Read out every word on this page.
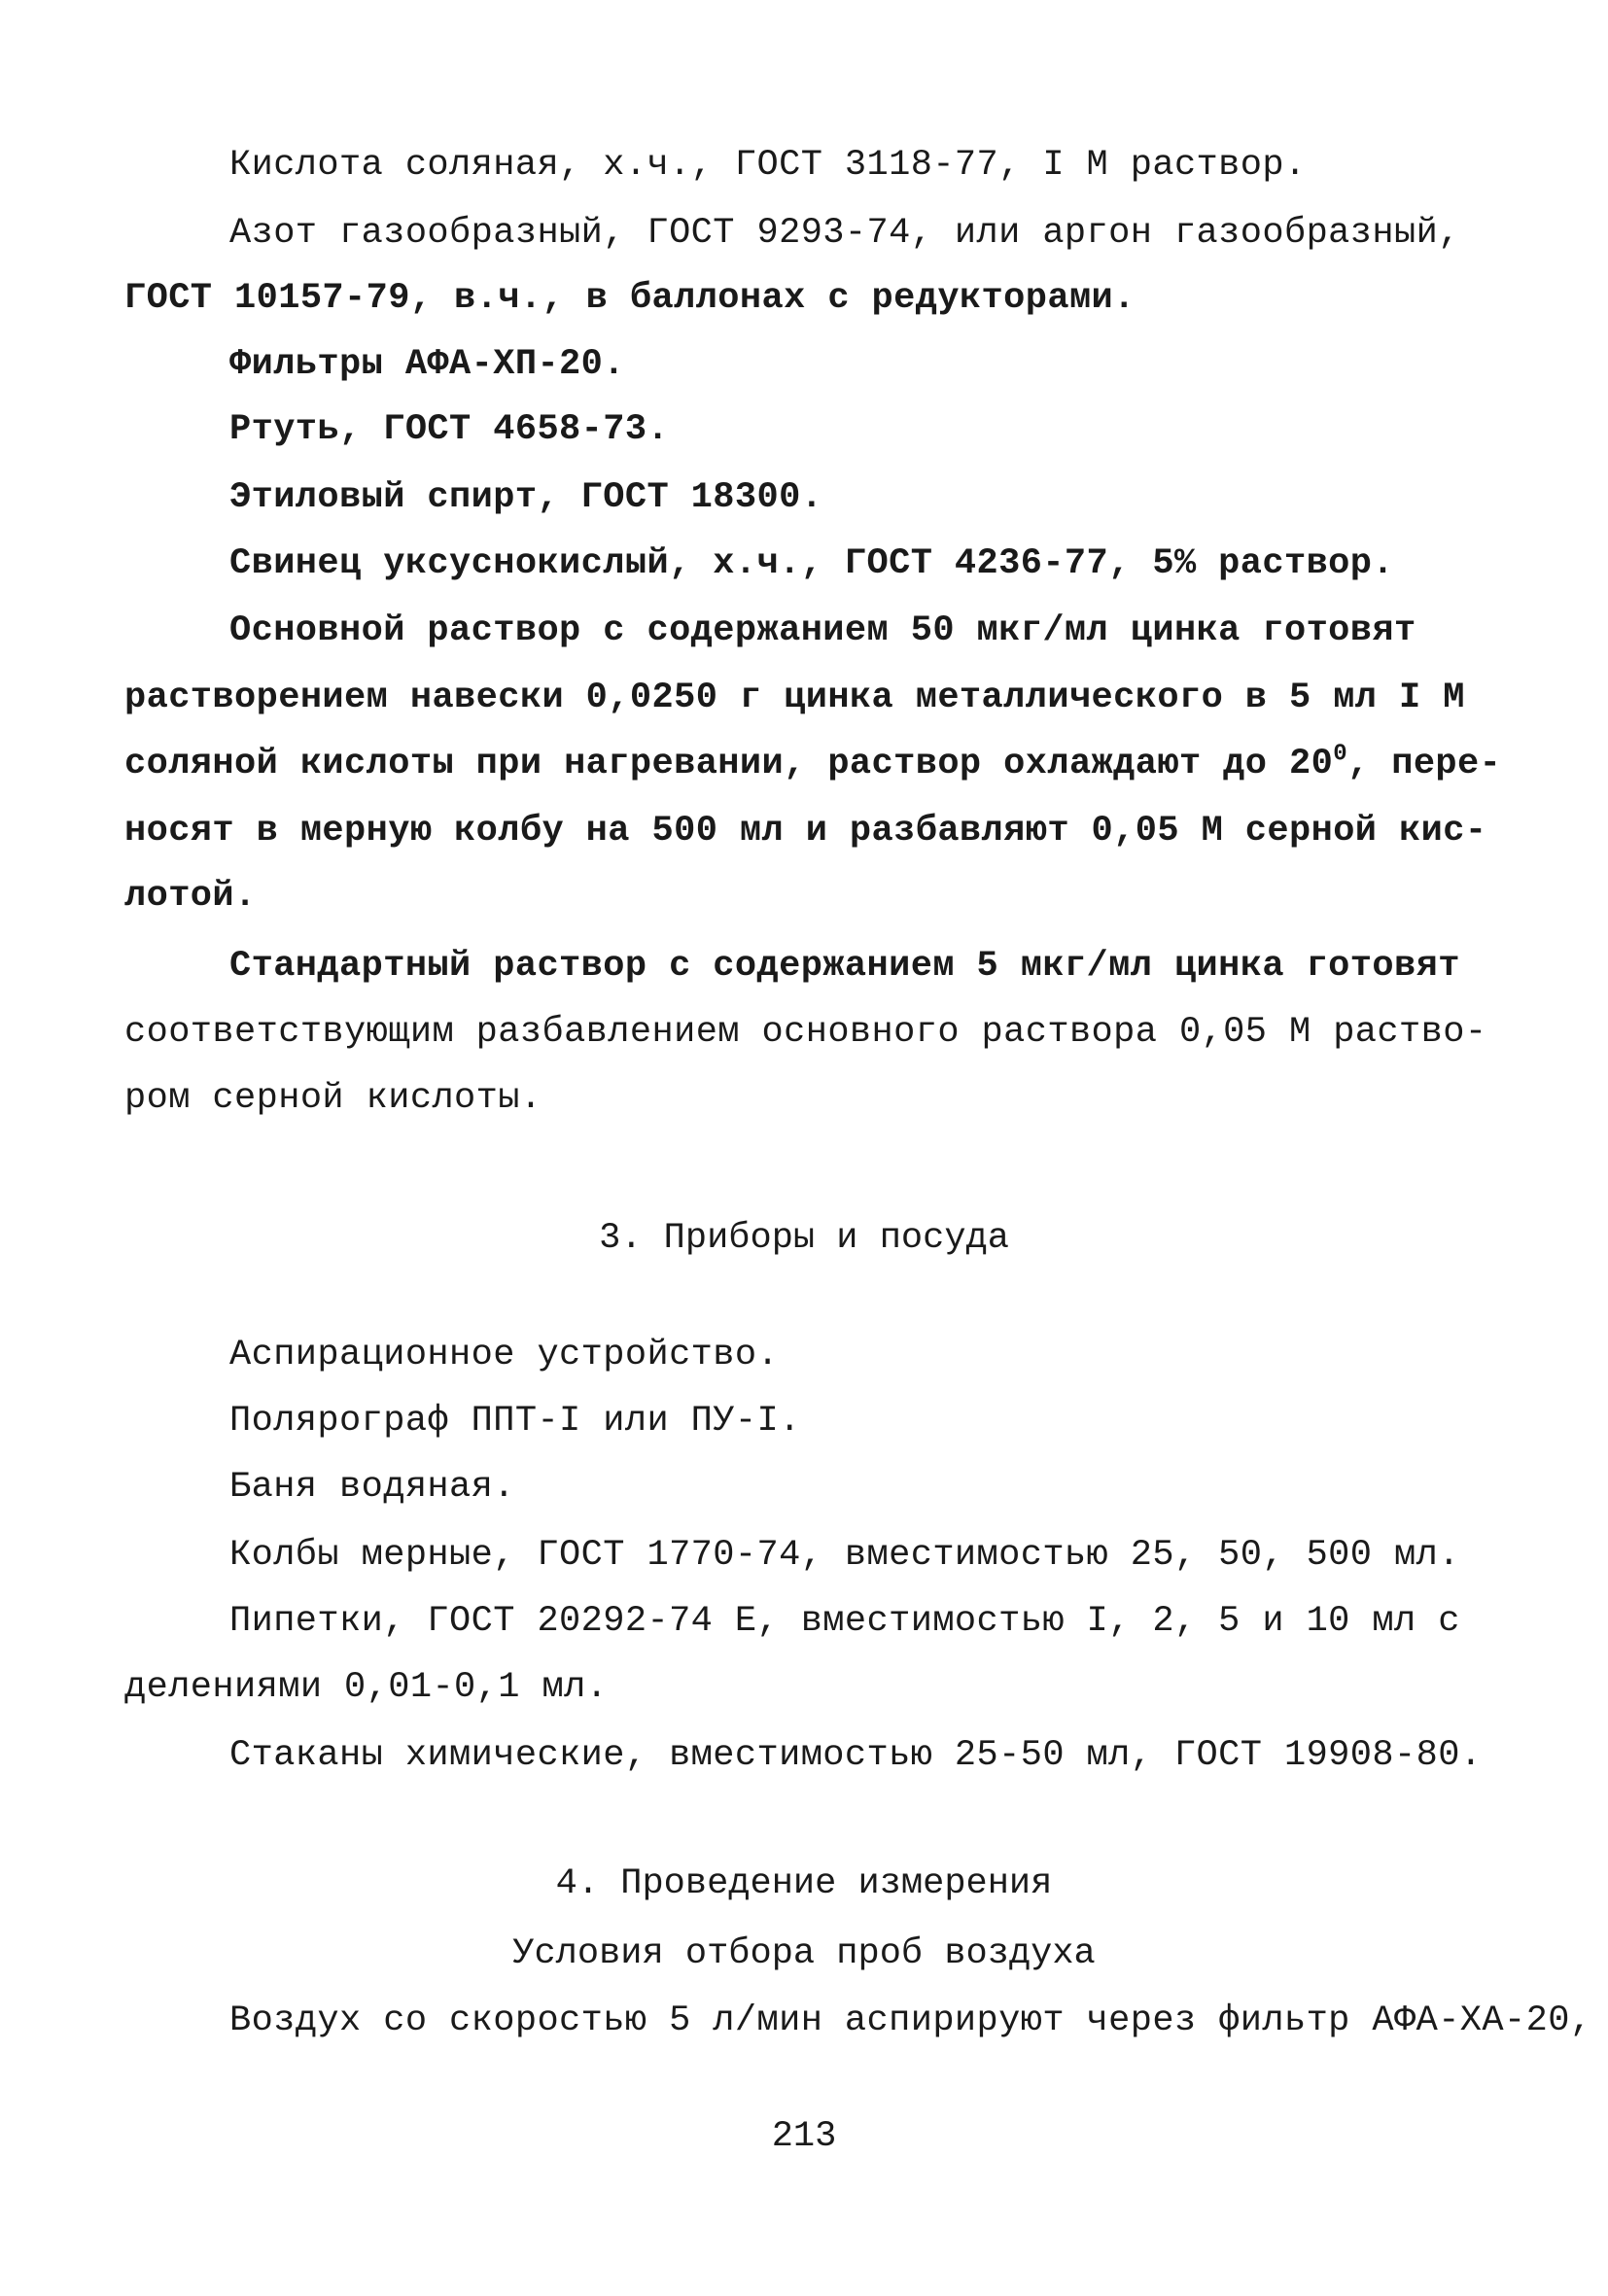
Кислота соляная, х.ч., ГОСТ 3118-77, I М раствор.
Азот газообразный, ГОСТ 9293-74, или аргон газообразный,
ГОСТ 10157-79, в.ч., в баллонах с редукторами.
Фильтры АФА-ХП-20.
Ртуть, ГОСТ 4658-73.
Этиловый спирт, ГОСТ 18300.
Свинец уксуснокислый, х.ч., ГОСТ 4236-77, 5% раствор.
Основной раствор с содержанием 50 мкг/мл цинка готовят
растворением навески 0,0250 г цинка металлического в 5 мл I М
соляной кислоты при нагревании, раствор охлаждают до $20^0$, пере-
носят в мерную колбу на 500 мл и разбавляют 0,05 М серной кис-
лотой.
Стандартный раствор с содержанием 5 мкг/мл цинка готовят
соответствующим разбавлением основного раствора 0,05 М раство-
ром серной кислоты.
3. Приборы и посуда
Аспирационное устройство.
Полярограф ППТ-I или ПУ-I.
Баня водяная.
Колбы мерные, ГОСТ 1770-74, вместимостью 25, 50, 500 мл.
Пипетки, ГОСТ 20292-74 Е, вместимостью I, 2, 5 и 10 мл с
делениями 0,01-0,1 мл.
Стаканы химические, вместимостью 25-50 мл, ГОСТ 19908-80.
4. Проведение измерения
Условия отбора проб воздуха
Воздух со скоростью 5 л/мин аспирируют через фильтр АФА-ХА-20,
213
